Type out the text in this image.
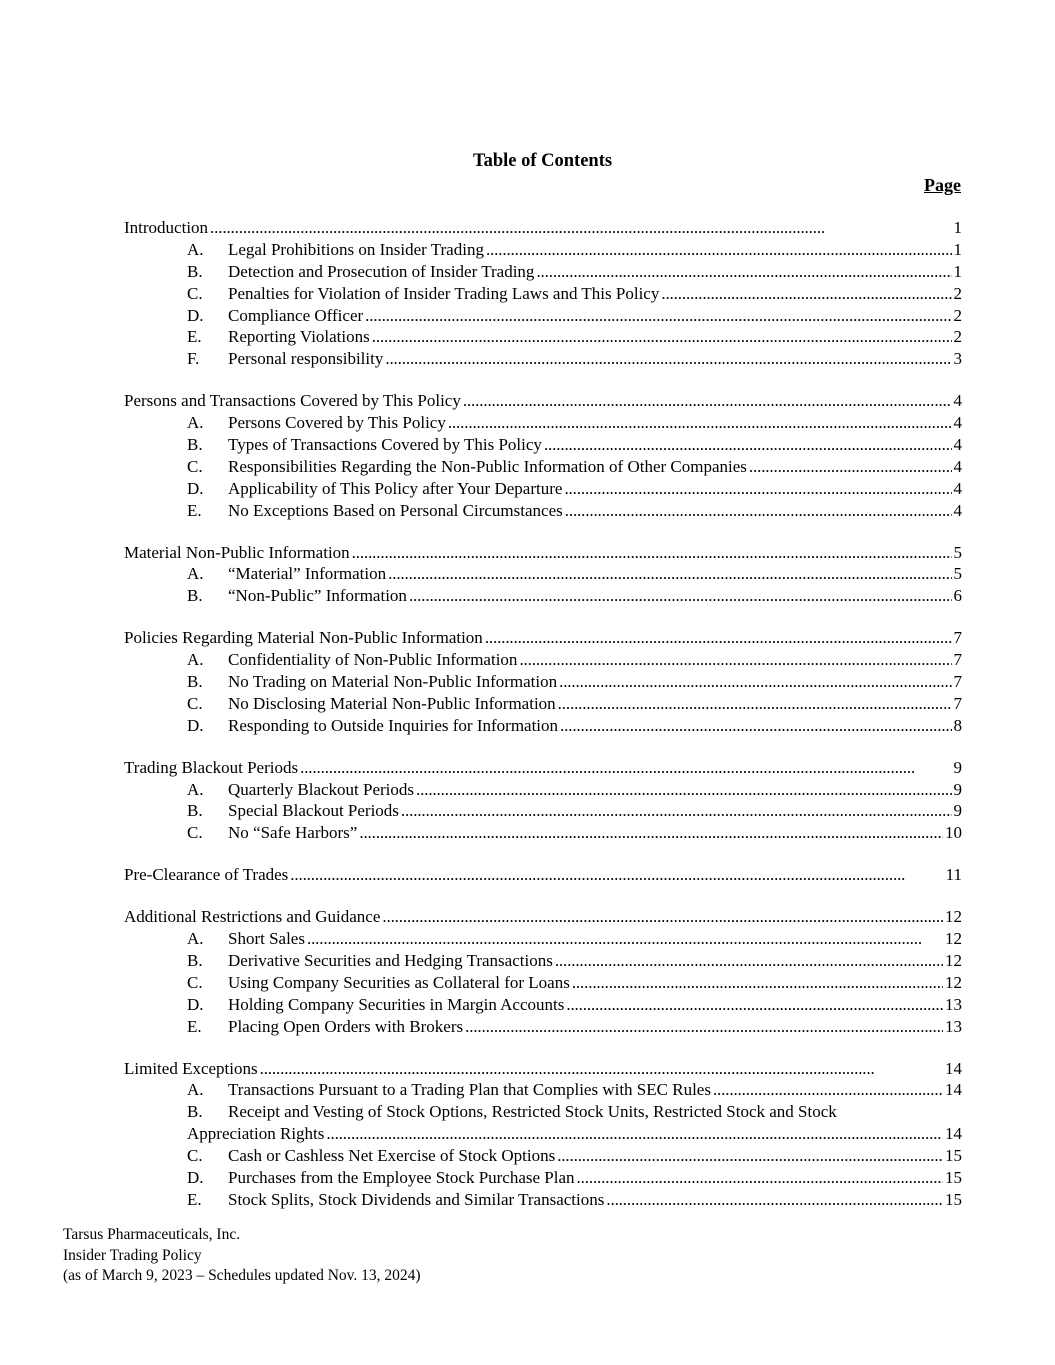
Table of Contents
Page
Introduction . . .	1
A.	Legal Prohibitions on Insider Trading . . .	1
B.	Detection and Prosecution of Insider Trading . . .	1
C.	Penalties for Violation of Insider Trading Laws and This Policy . . .	2
D.	Compliance Officer . . .	2
E.	Reporting Violations . . .	2
F.	Personal responsibility . . .	3
Persons and Transactions Covered by This Policy . . .	4
A.	Persons Covered by This Policy . . .	4
B.	Types of Transactions Covered by This Policy . . .	4
C.	Responsibilities Regarding the Non-Public Information of Other Companies . . .	4
D.	Applicability of This Policy after Your Departure . . .	4
E.	No Exceptions Based on Personal Circumstances . . .	4
Material Non-Public Information . . .	5
A.	“Material” Information . . .	5
B.	“Non-Public” Information . . .	6
Policies Regarding Material Non-Public Information . . .	7
A.	Confidentiality of Non-Public Information . . .	7
B.	No Trading on Material Non-Public Information . . .	7
C.	No Disclosing Material Non-Public Information . . .	7
D.	Responding to Outside Inquiries for Information . . .	8
Trading Blackout Periods . . .	9
A.	Quarterly Blackout Periods . . .	9
B.	Special Blackout Periods . . .	9
C.	No “Safe Harbors” . . .	10
Pre-Clearance of Trades . . .	11
Additional Restrictions and Guidance . . .	12
A.	Short Sales . . .	12
B.	Derivative Securities and Hedging Transactions . . .	12
C.	Using Company Securities as Collateral for Loans . . .	12
D.	Holding Company Securities in Margin Accounts . . .	13
E.	Placing Open Orders with Brokers . . .	13
Limited Exceptions . . .	14
A.	Transactions Pursuant to a Trading Plan that Complies with SEC Rules . . .	14
B.	Receipt and Vesting of Stock Options, Restricted Stock Units, Restricted Stock and Stock
Appreciation Rights . . .	14
C.	Cash or Cashless Net Exercise of Stock Options . . .	15
D.	Purchases from the Employee Stock Purchase Plan . . .	15
E.	Stock Splits, Stock Dividends and Similar Transactions . . .	15
Tarsus Pharmaceuticals, Inc.
Insider Trading Policy
(as of March 9, 2023 – Schedules updated Nov. 13, 2024)
